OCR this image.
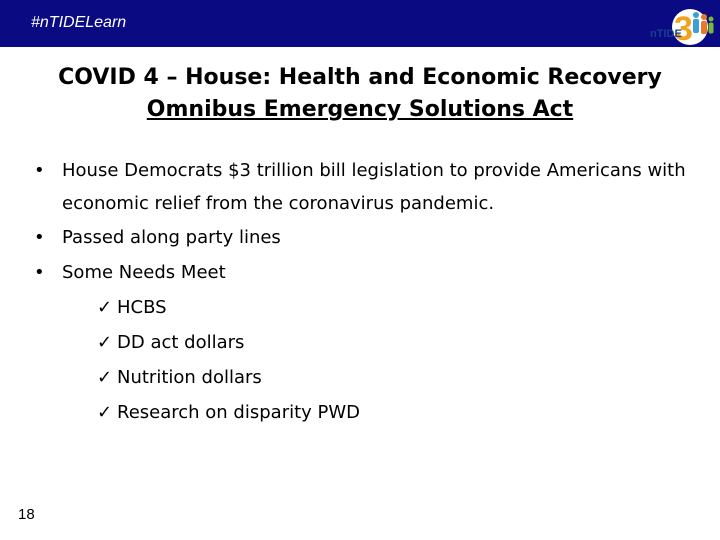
#nTIDELearn	3
nTIDE
COVID 4 – House: Health and Economic Recovery
Omnibus Emergency Solutions Act
• House Democrats $3 trillion bill legislation to provide Americans with economic relief from the coronavirus pandemic.
• Passed along party lines
• Some Needs Meet
✓ HCBS
✓ DD act dollars
✓ Nutrition dollars
✓ Research on disparity PWD
18
